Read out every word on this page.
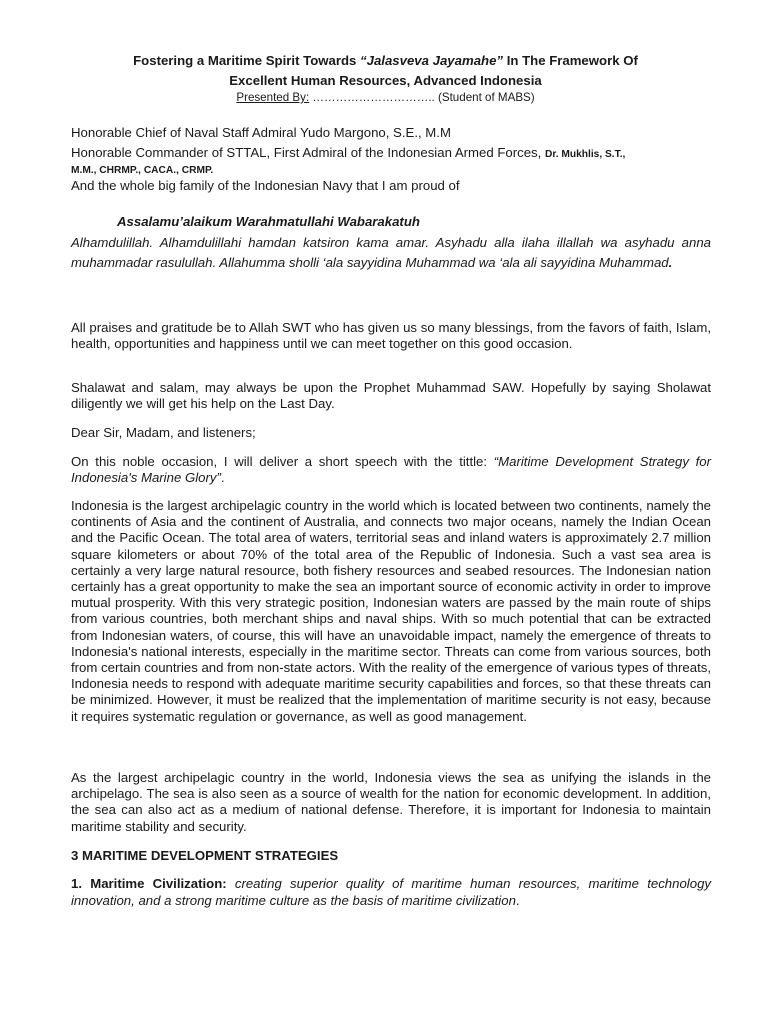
Fostering a Maritime Spirit Towards “Jalasveva Jayamahe” In The Framework Of
Excellent Human Resources, Advanced Indonesia
Presented By: ………………………….. (Student of MABS)
Honorable Chief of Naval Staff Admiral Yudo Margono, S.E., M.M
Honorable Commander of STTAL, First Admiral of the Indonesian Armed Forces, Dr. Mukhlis, S.T.,
M.M., CHRMP., CACA., CRMP.
And the whole big family of the Indonesian Navy that I am proud of
Assalamu’alaikum Warahmatullahi Wabarakatuh
Alhamdulillah. Alhamdulillahi hamdan katsiron kama amar. Asyhadu alla ilaha illallah wa asyhadu anna muhammadar rasulullah. Allahumma sholli ‘ala sayyidina Muhammad wa ‘ala ali sayyidina Muhammad.
All praises and gratitude be to Allah SWT who has given us so many blessings, from the favors of faith, Islam, health, opportunities and happiness until we can meet together on this good occasion.
Shalawat and salam, may always be upon the Prophet Muhammad SAW. Hopefully by saying Sholawat diligently we will get his help on the Last Day.
Dear Sir, Madam, and listeners;
On this noble occasion, I will deliver a short speech with the tittle: “Maritime Development Strategy for Indonesia's Marine Glory”.
Indonesia is the largest archipelagic country in the world which is located between two continents, namely the continents of Asia and the continent of Australia, and connects two major oceans, namely the Indian Ocean and the Pacific Ocean. The total area of waters, territorial seas and inland waters is approximately 2.7 million square kilometers or about 70% of the total area of the Republic of Indonesia. Such a vast sea area is certainly a very large natural resource, both fishery resources and seabed resources. The Indonesian nation certainly has a great opportunity to make the sea an important source of economic activity in order to improve mutual prosperity. With this very strategic position, Indonesian waters are passed by the main route of ships from various countries, both merchant ships and naval ships. With so much potential that can be extracted from Indonesian waters, of course, this will have an unavoidable impact, namely the emergence of threats to Indonesia's national interests, especially in the maritime sector. Threats can come from various sources, both from certain countries and from non-state actors. With the reality of the emergence of various types of threats, Indonesia needs to respond with adequate maritime security capabilities and forces, so that these threats can be minimized. However, it must be realized that the implementation of maritime security is not easy, because it requires systematic regulation or governance, as well as good management.
As the largest archipelagic country in the world, Indonesia views the sea as unifying the islands in the archipelago. The sea is also seen as a source of wealth for the nation for economic development. In addition, the sea can also act as a medium of national defense. Therefore, it is important for Indonesia to maintain maritime stability and security.
3 MARITIME DEVELOPMENT STRATEGIES
1. Maritime Civilization: creating superior quality of maritime human resources, maritime technology innovation, and a strong maritime culture as the basis of maritime civilization.
